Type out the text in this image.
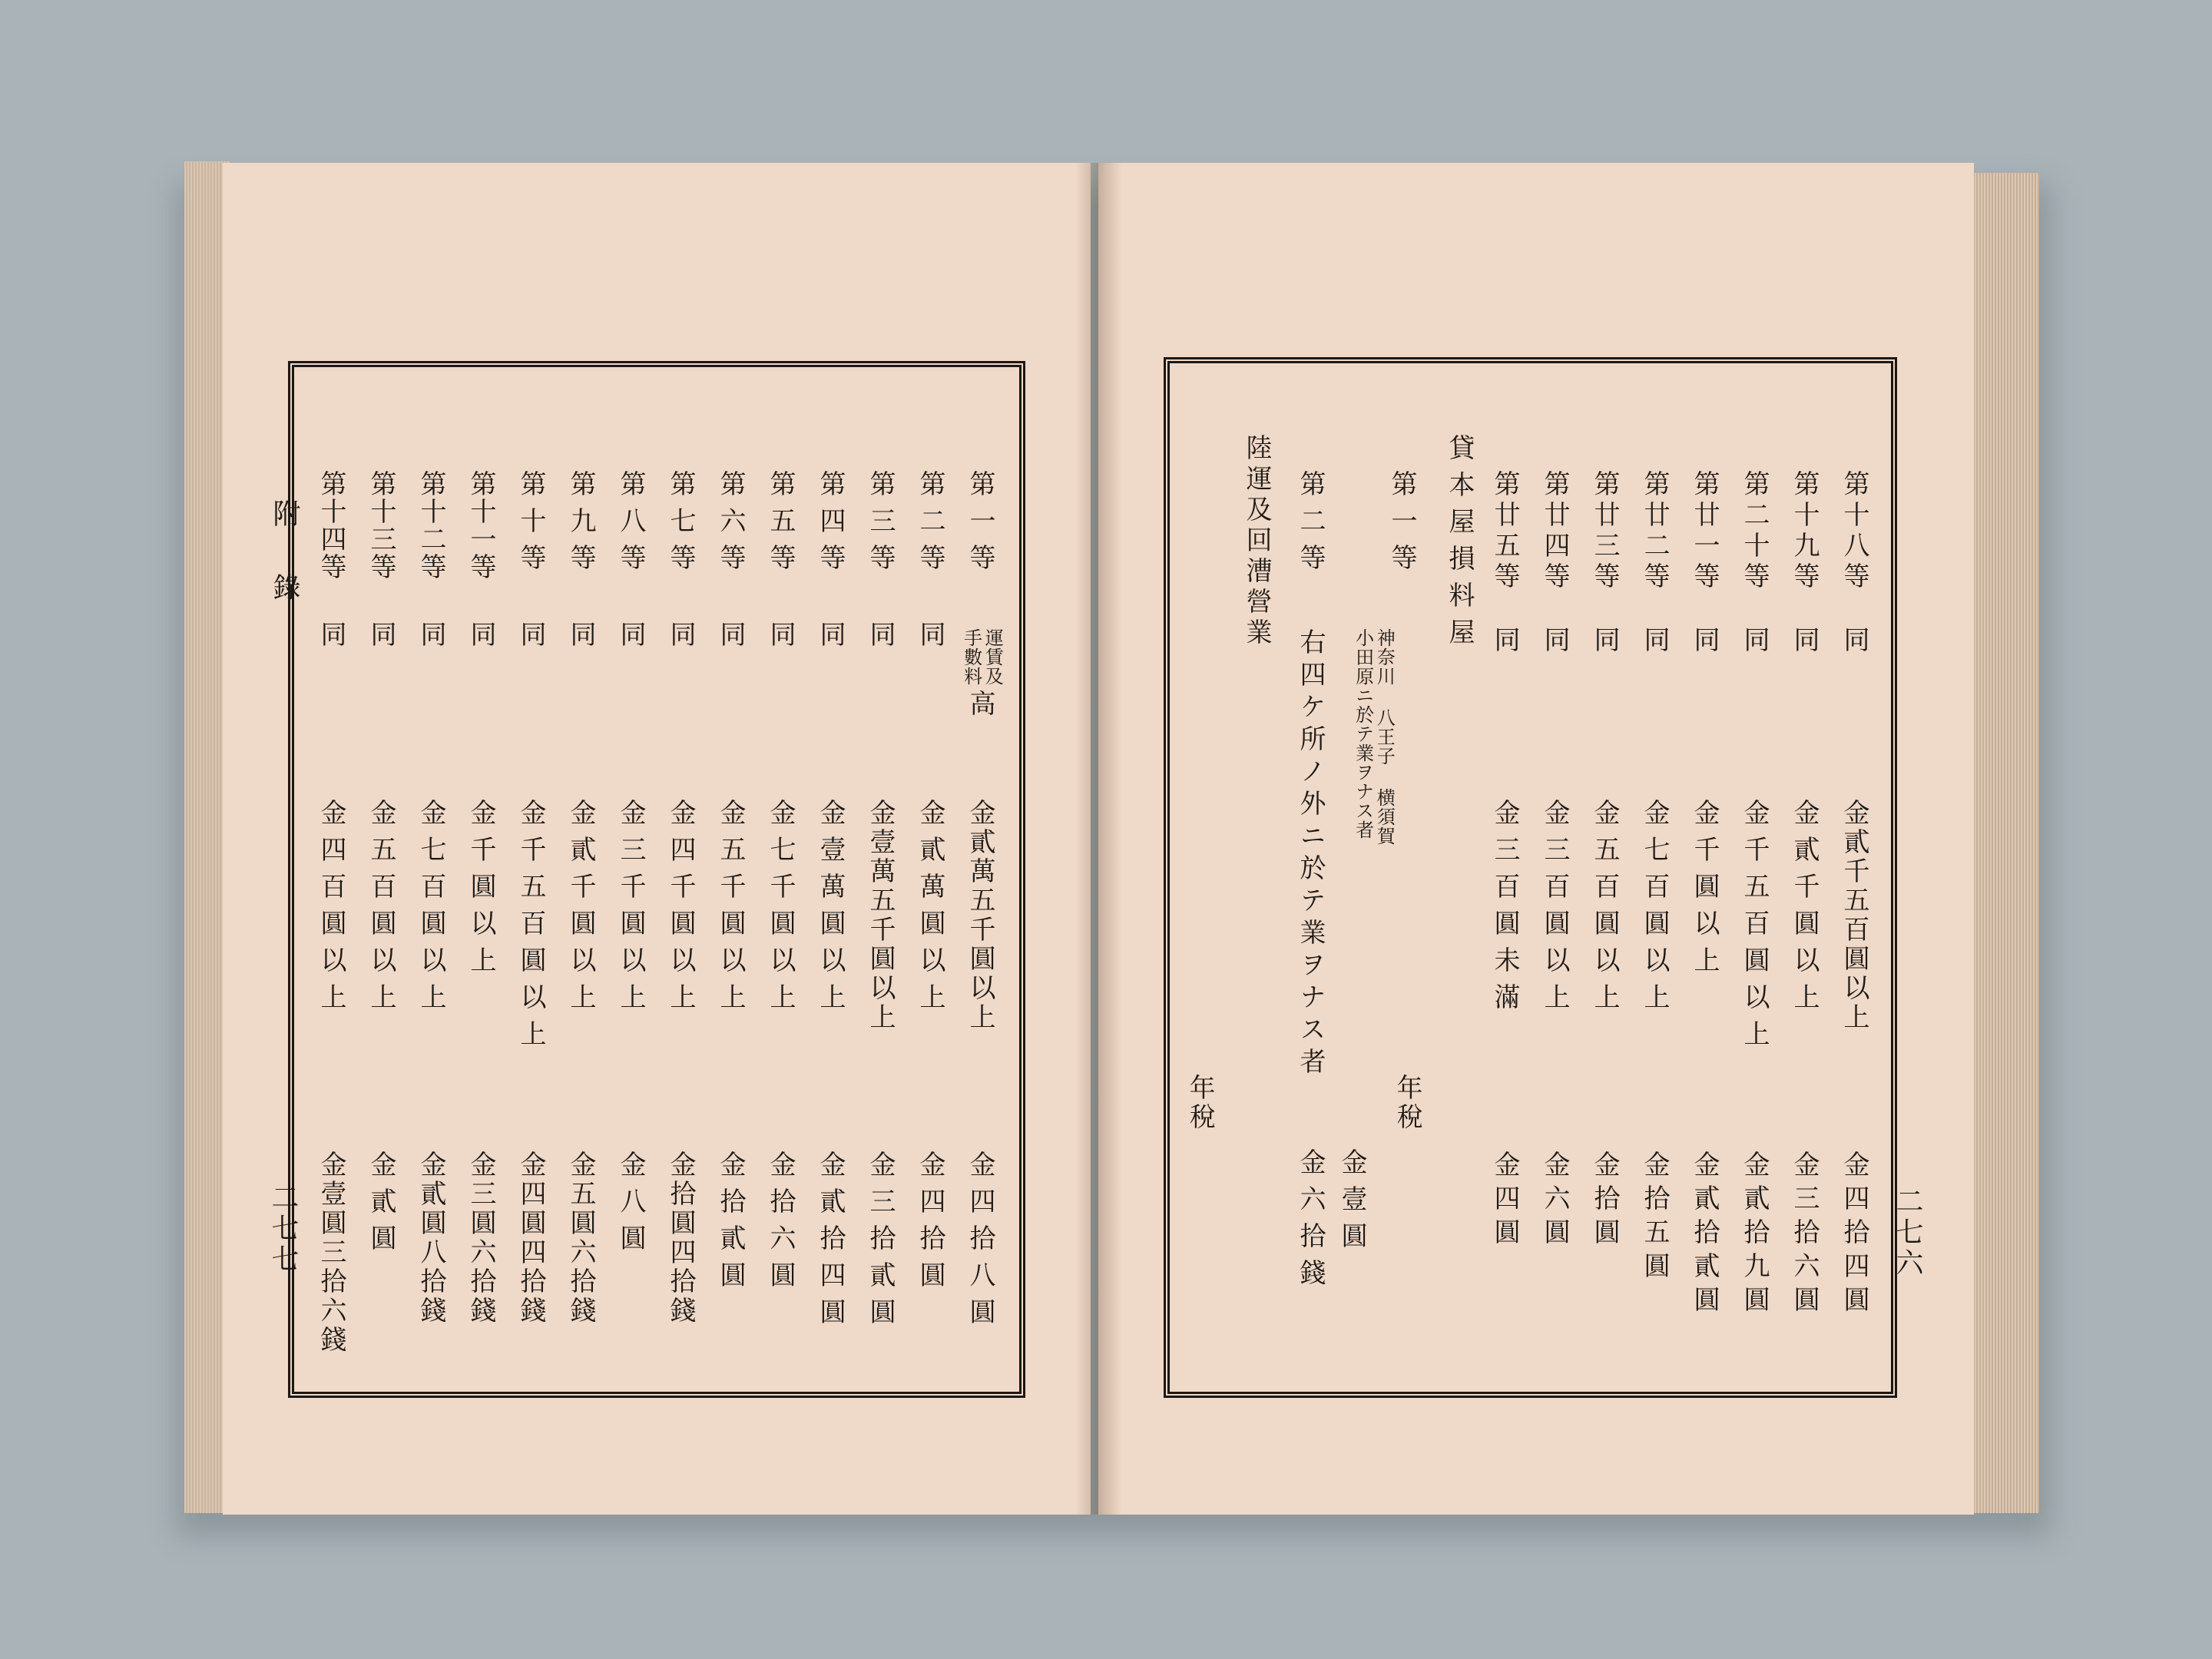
附錄
二七七
金貳萬五千圓以上
金四拾八圓
第二等
同
金貳萬圓以上
金四拾圓
第三等
同
金壹萬五千圓以上
金三拾貳圓
第四等
同
金壹萬圓以上
金貳拾四圓
第五等
同
金七千圓以上
金拾六圓
第六等
同
金五千圓以上
金拾貳圓
第七等
同
金四千圓以上
金拾圓四拾錢
第八等
同
金三千圓以上
金八圓
第九等
同
金貳千圓以上
金五圓六拾錢
第十等
同
金千五百圓以上
金四圓四拾錢
第十一等
同
金千圓以上
金三圓六拾錢
第十二等
同
金七百圓以上
金貳圓八拾錢
第十三等
同
金五百圓以上
金貳圓
第十四等
同
金四百圓以上
金壹圓三拾六錢
第一等
運賃及
手數料
高
二七六
第十八等
同
金貳千五百圓以上
金四拾四圓
第十九等
同
金貳千圓以上
金三拾六圓
第二十等
同
金千五百圓以上
金貳拾九圓
第廿一等
同
金千圓以上
金貳拾貳圓
第廿二等
同
金七百圓以上
金拾五圓
第廿三等
同
金五百圓以上
金拾圓
第廿四等
同
金三百圓以上
金六圓
第廿五等
同
金三百圓未滿
金四圓
貸本屋損料屋
第一等
神奈川 八王子 横須賀
小田原ニ於テ業ヲナス者
年稅
金壹圓
第二等
右四ケ所ノ外ニ於テ業ヲナス者
金六拾錢
陸運及回漕營業
年稅
